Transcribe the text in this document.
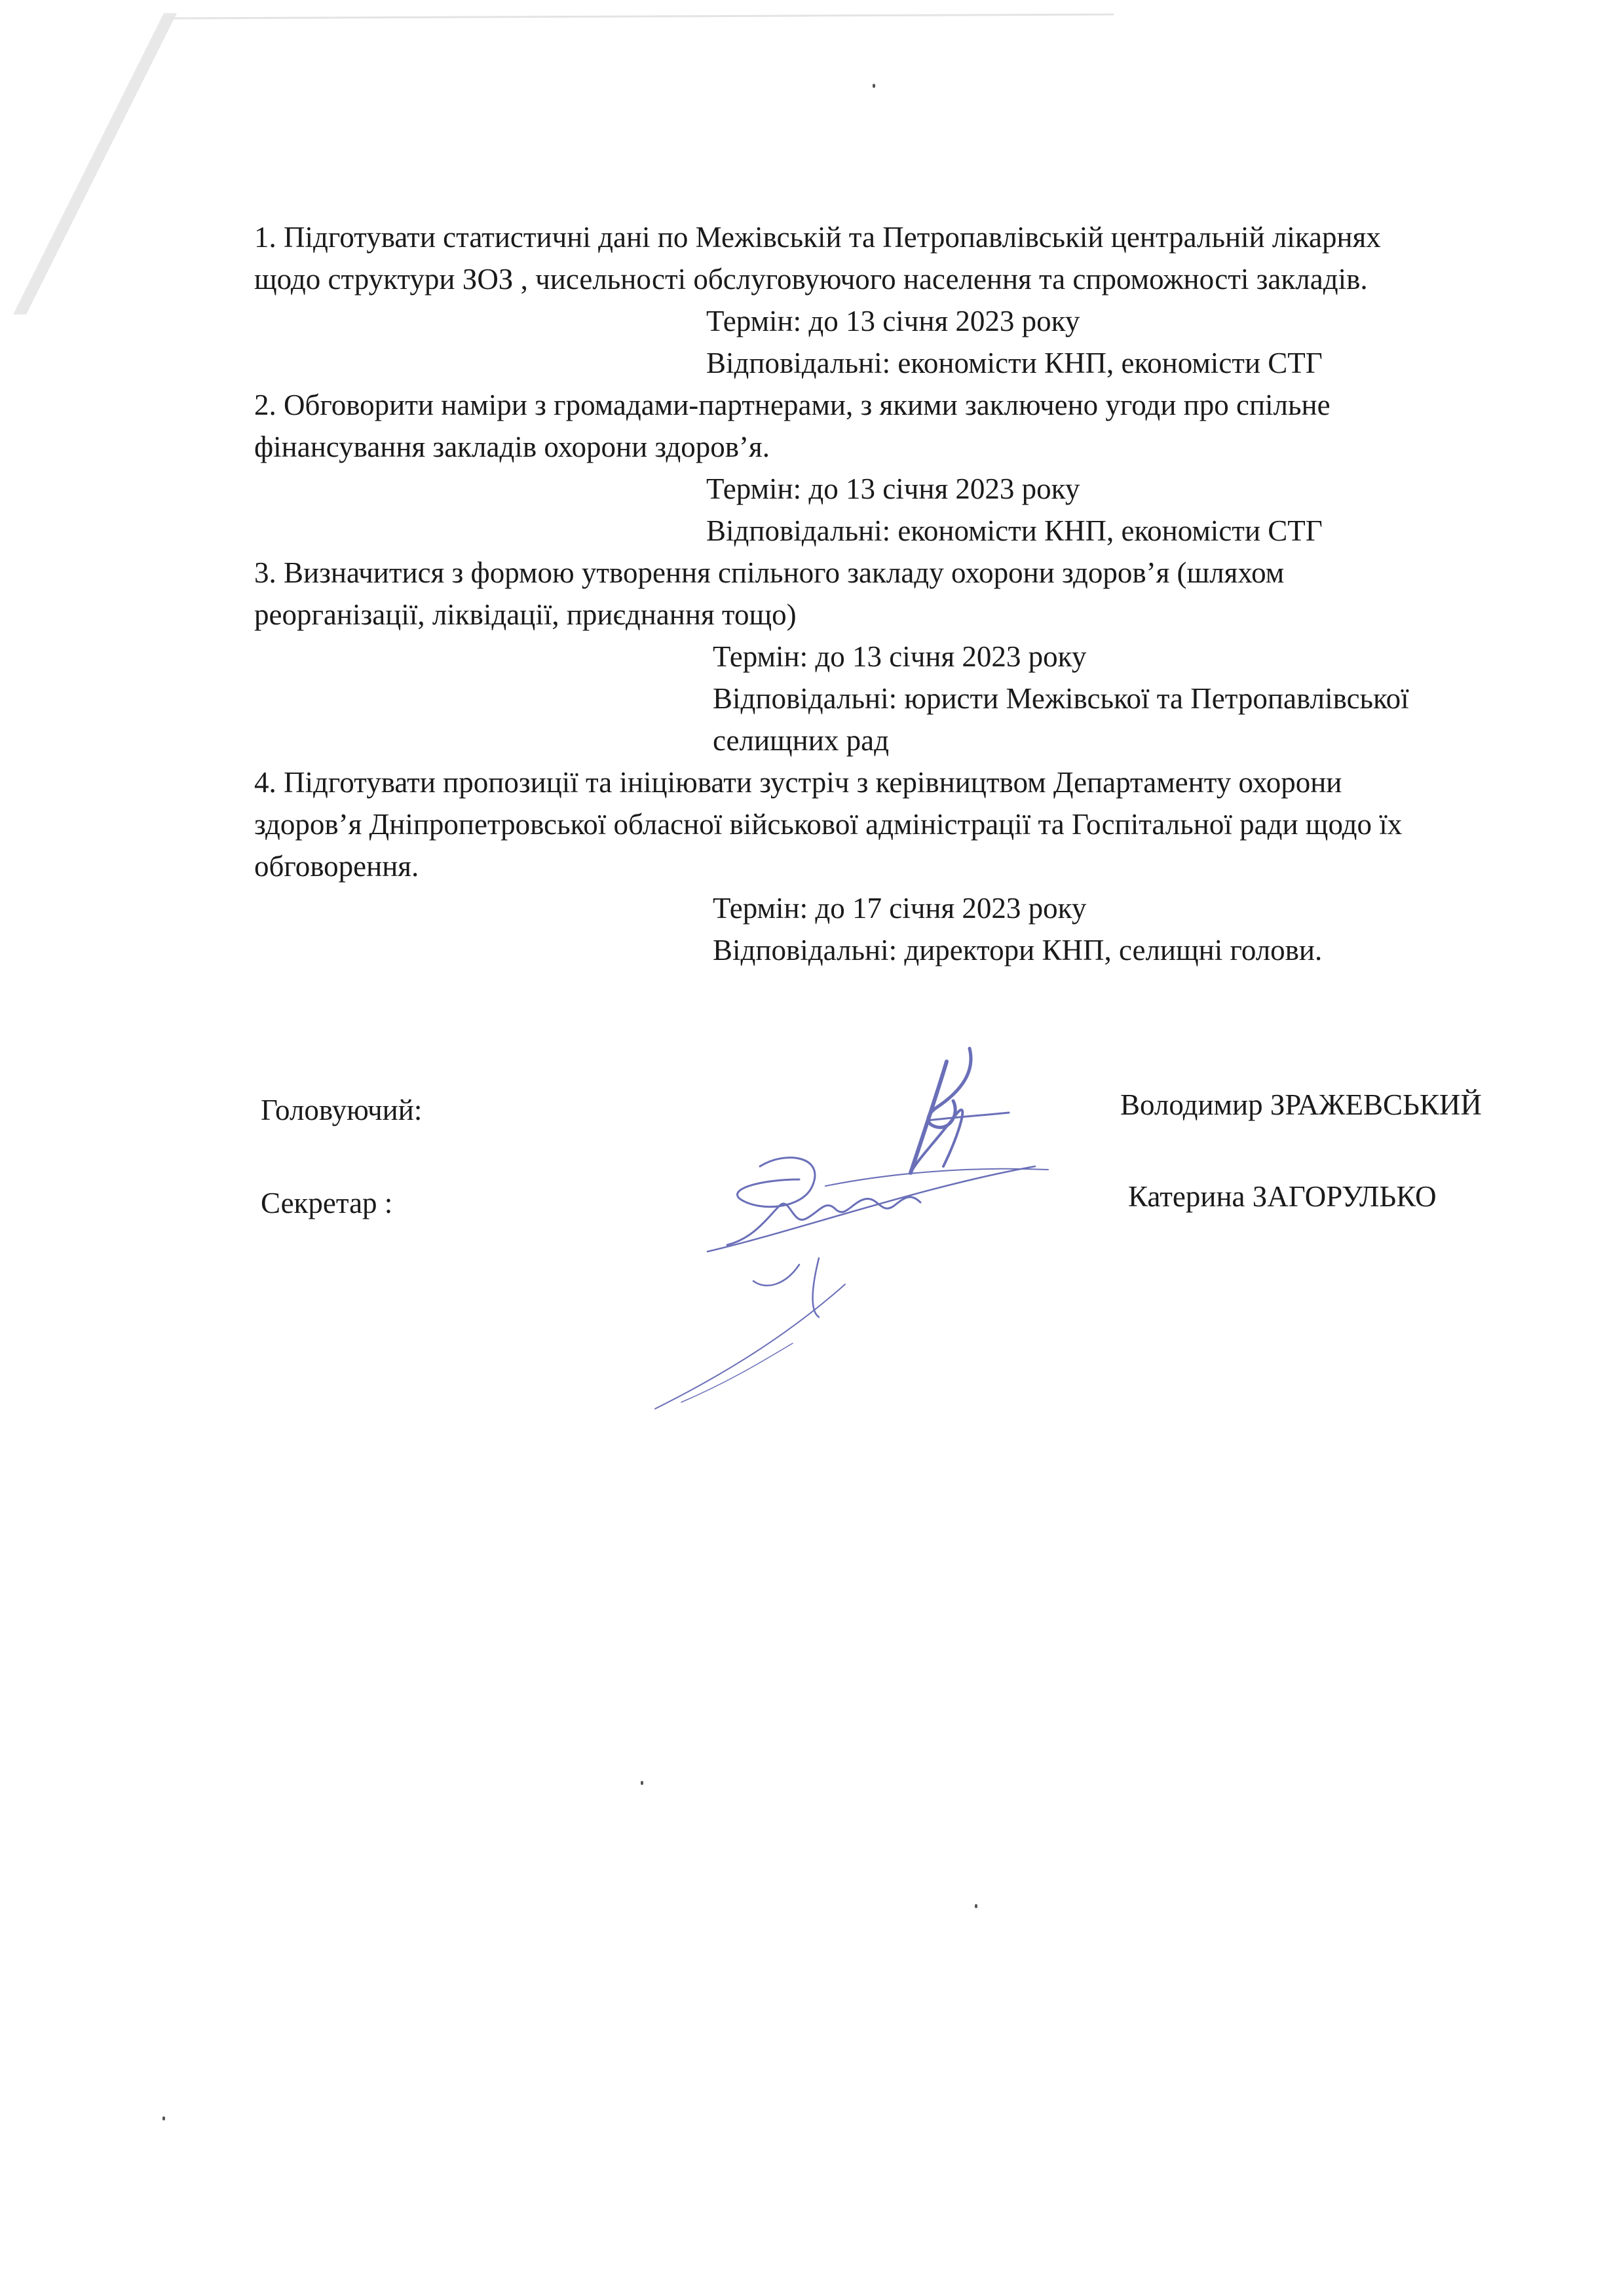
1. Підготувати статистичні дані по Межівській та Петропавлівській центральній лікарнях

щодо структури ЗОЗ , чисельності обслуговуючого населення та спроможності закладів.

Термін: до 13 січня 2023 року

Відповідальні: економісти КНП, економісти СТГ

2. Обговорити наміри з громадами-партнерами, з якими заключено угоди про спільне

фінансування закладів охорони здоров’я.

Термін: до 13 січня 2023 року

Відповідальні: економісти КНП, економісти СТГ

3. Визначитися з формою утворення спільного закладу охорони здоров’я (шляхом

реорганізації, ліквідації, приєднання тощо)

Термін: до 13 січня 2023 року

Відповідальні: юристи Межівської та Петропавлівської

селищних рад

4. Підготувати пропозиції та ініціювати зустріч з керівництвом Департаменту охорони

здоров’я Дніпропетровської обласної військової адміністрації та Госпітальної ради щодо їх

обговорення.

Термін: до 17 січня 2023 року

Відповідальні: директори КНП, селищні голови.

Головуючий:	Володимир ЗРАЖЕВСЬКИЙ
Секретар :	Катерина ЗАГОРУЛЬКО
